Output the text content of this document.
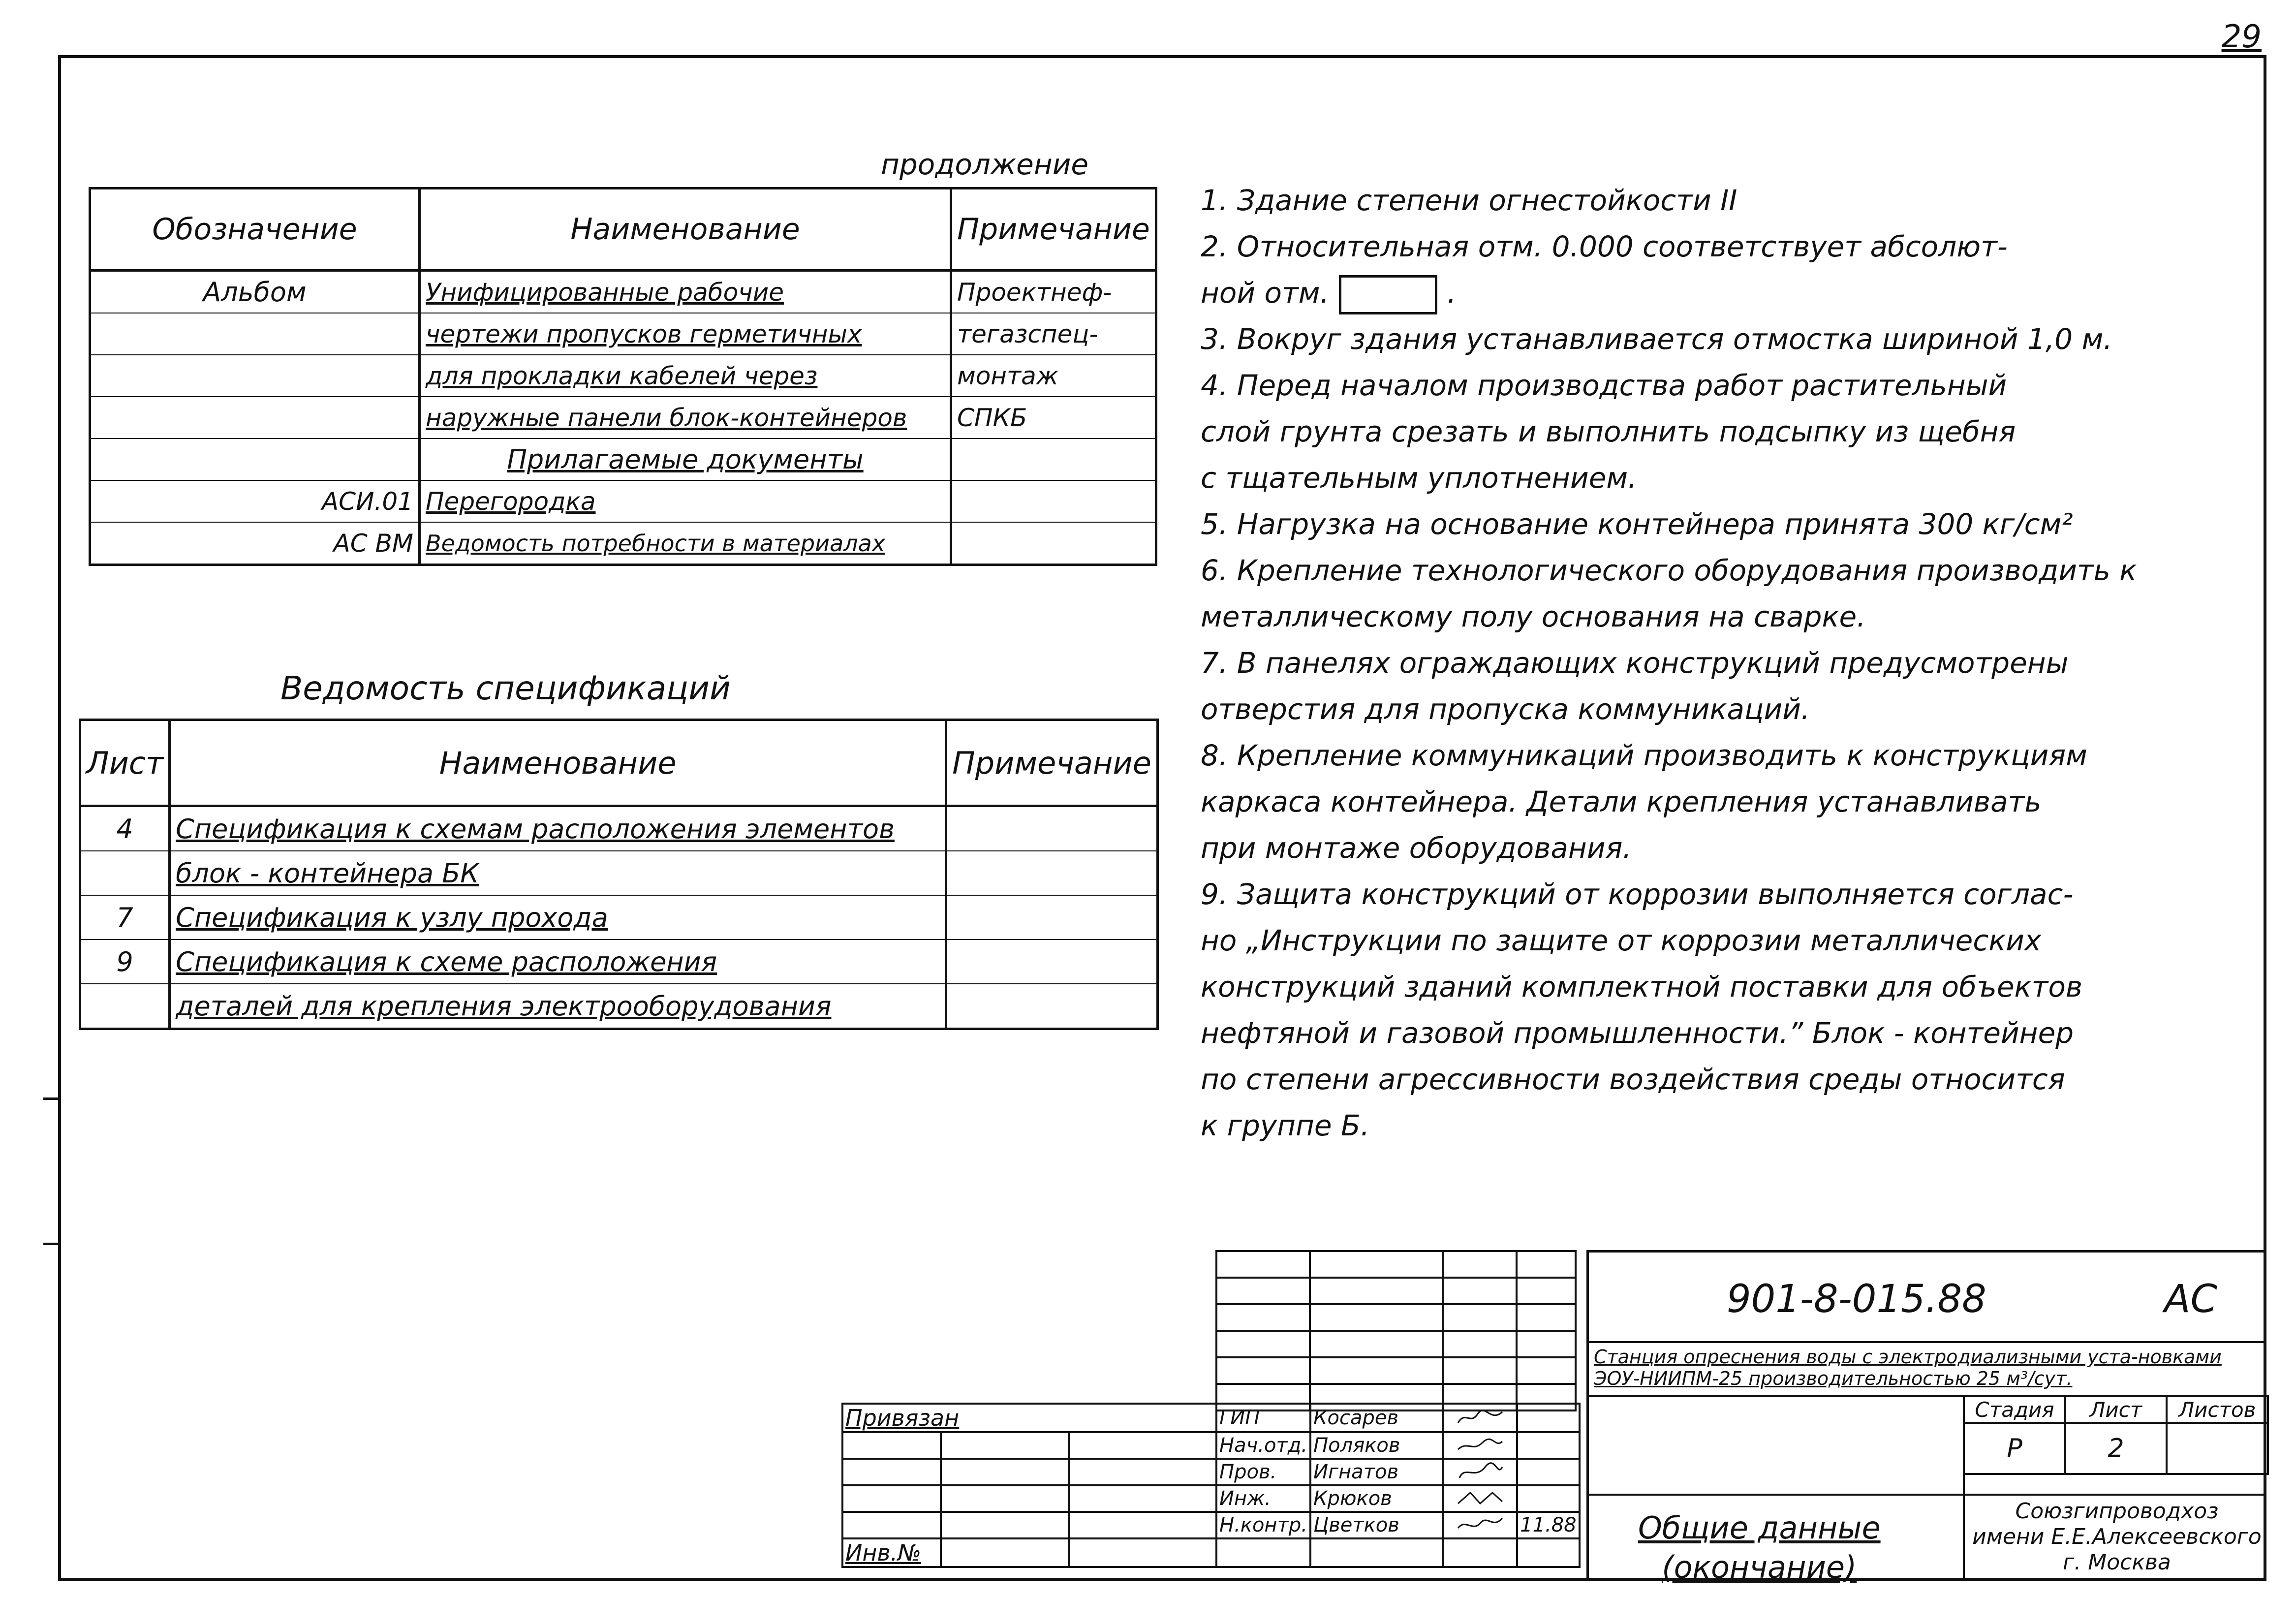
29
продолжение
Обозначение	Наименование	Примечание
Альбом	Унифицированные рабочие	Проектнеф-
	чертежи пропусков герметичных	тегазспец-
	для прокладки кабелей через	монтаж
	наружные панели блок-контейнеров	СПКБ
	Прилагаемые документы	
АСИ.01	Перегородка	
АС ВМ	Ведомость потребности в материалах	
Ведомость спецификаций
Лист	Наименование	Примечание
4	Спецификация к схемам расположения элементов	
	блок - контейнера БК	
7	Спецификация к узлу прохода	
9	Спецификация к схеме расположения	
	деталей для крепления электрооборудования	
1. Здание степени огнестойкости II
2. Относительная отм. 0.000 соответствует абсолют-
ной отм.	.
3. Вокруг здания устанавливается отмостка шириной 1,0 м.
4. Перед началом производства работ растительный
слой грунта срезать и выполнить подсыпку из щебня
с тщательным уплотнением.
5. Нагрузка на основание контейнера принята 300 кг/см²
6. Крепление технологического оборудования производить к
металлическому полу основания на сварке.
7. В панелях ограждающих конструкций предусмотрены
отверстия для пропуска коммуникаций.
8. Крепление коммуникаций производить к конструкциям
каркаса контейнера. Детали крепления устанавливать
при монтаже оборудования.
9. Защита конструкций от коррозии выполняется соглас-
но „Инструкции по защите от коррозии металлических
конструкций зданий комплектной поставки для объектов
нефтяной и газовой промышленности.” Блок - контейнер
по степени агрессивности воздействия среды относится
к группе Б.

Привязан			ГИП	Косарев	

			Нач.отд.	Поляков	

			Пров.	Игнатов	

			Инж.	Крюков	

			Н.контр.	Цветков		11.88
Инв.№						
901-8-015.88	АС
Станция опреснения воды с электродиализными уста-новками ЭОУ-НИИПМ-25 производительностью 25 м³/сут.
Стадия	Лист	Листов
Р	2	
Общие данные
(окончание)
Союзгипроводхоз
имени Е.Е.Алексеевского
г. Москва
